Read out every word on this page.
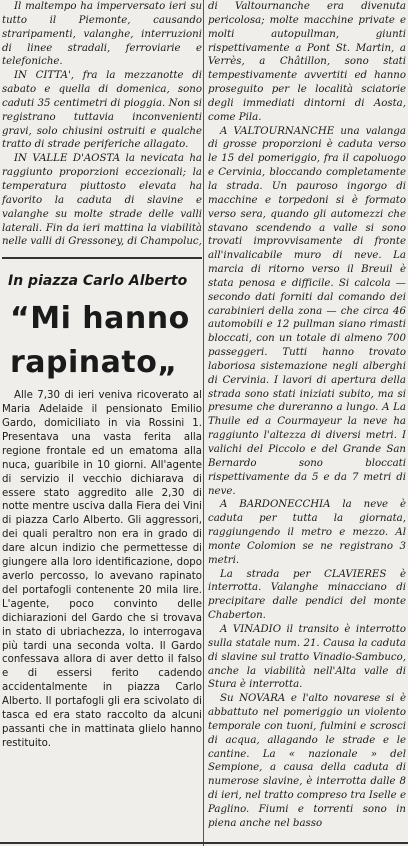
Il maltempo ha imperversato ieri su tutto il Piemonte, causando straripamenti, valanghe, interruzioni di linee stradali, ferroviarie e telefoniche.

IN CITTA', fra la mezzanotte di sabato e quella di domenica, sono caduti 35 centimetri di pioggia. Non si registrano tuttavia inconvenienti gravi, solo chiusini ostruiti e qualche tratto di strade periferiche allagato.

IN VALLE D'AOSTA la nevicata ha raggiunto proporzioni eccezionali; la temperatura piuttosto elevata ha favorito la caduta di slavine e valanghe su molte strade delle valli laterali. Fin da ieri mattina la viabilità nelle valli di Gressoney, di Champoluc,

In piazza Carlo Alberto
“Mi hanno rapinato„

Alle 7,30 di ieri veniva ricoverato al Maria Adelaide il pensionato Emilio Gardo, domiciliato in via Rossini 1. Presentava una vasta ferita alla regione frontale ed un ematoma alla nuca, guaribile in 10 giorni. All'agente di servizio il vecchio dichiarava di essere stato aggredito alle 2,30 di notte mentre usciva dalla Fiera dei Vini di piazza Carlo Alberto. Gli aggressori, dei quali peraltro non era in grado di dare alcun indizio che permettesse di giungere alla loro identificazione, dopo averlo percosso, lo avevano rapinato del portafogli contenente 20 mila lire. L'agente, poco convinto delle dichiarazioni del Gardo che si trovava in stato di ubriachezza, lo interrogava più tardi una seconda volta. Il Gardo confessava allora di aver detto il falso e di essersi ferito cadendo accidentalmente in piazza Carlo Alberto. Il portafogli gli era scivolato di tasca ed era stato raccolto da alcuni passanti che in mattinata glielo hanno restituito.

di Valtournanche era divenuta pericolosa; molte macchine private e molti autopullman, giunti rispettivamente a Pont St. Martin, a Verrès, a Châtillon, sono stati tempestivamente avvertiti ed hanno proseguito per le località sciatorie degli immediati dintorni di Aosta, come Pila.

A VALTOURNANCHE una valanga di grosse proporzioni è caduta verso le 15 del pomeriggio, fra il capoluogo e Cervinia, bloccando completamente la strada. Un pauroso ingorgo di macchine e torpedoni si è formato verso sera, quando gli automezzi che stavano scendendo a valle si sono trovati improvvisamente di fronte all'invalicabile muro di neve. La marcia di ritorno verso il Breuil è stata penosa e difficile. Si calcola — secondo dati forniti dal comando dei carabinieri della zona — che circa 46 automobili e 12 pullman siano rimasti bloccati, con un totale di almeno 700 passeggeri. Tutti hanno trovato laboriosa sistemazione negli alberghi di Cervinia. I lavori di apertura della strada sono stati iniziati subito, ma si presume che dureranno a lungo. A La Thuile ed a Courmayeur la neve ha raggiunto l'altezza di diversi metri. I valichi del Piccolo e del Grande San Bernardo sono bloccati rispettivamente da 5 e da 7 metri di neve.

A BARDONECCHIA la neve è caduta per tutta la giornata, raggiungendo il metro e mezzo. Al monte Colomion se ne registrano 3 metri.

La strada per CLAVIERES è interrotta. Valanghe minacciano di precipitare dalle pendici del monte Chaberton.

A VINADIO il transito è interrotto sulla statale num. 21. Causa la caduta di slavine sul tratto Vinadio-Sambuco, anche la viabilità nell'Alta valle di Stura è interrotta.

Su NOVARA e l'alto novarese si è abbattuto nel pomeriggio un violento temporale con tuoni, fulmini e scrosci di acqua, allagando le strade e le cantine. La « nazionale » del Sempione, a causa della caduta di numerose slavine, è interrotta dalle 8 di ieri, nel tratto compreso tra Iselle e Paglino. Fiumi e torrenti sono in piena anche nel basso
